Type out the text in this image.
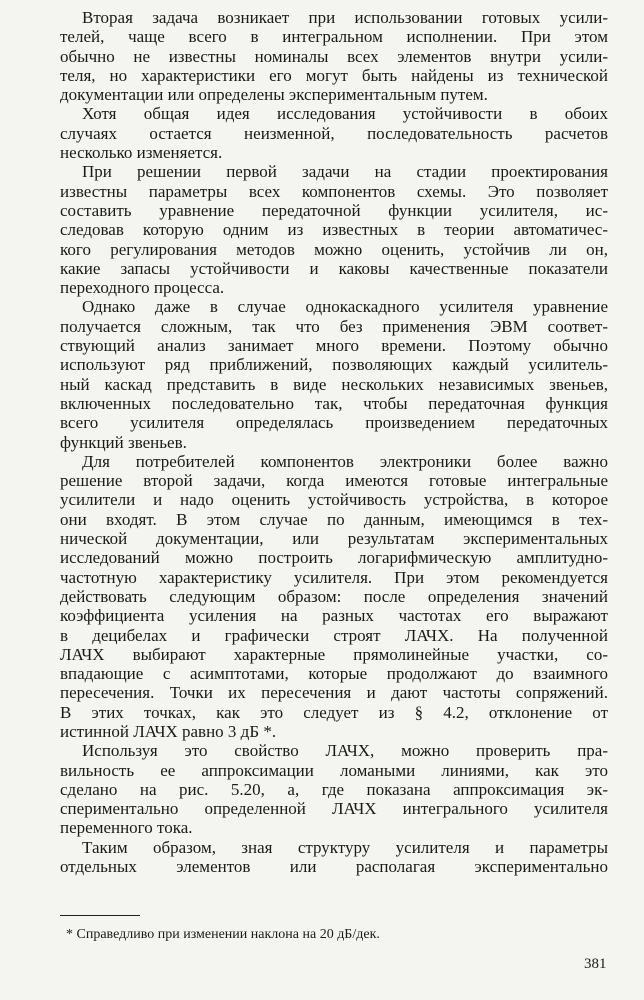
Вторая задача возникает при использовании готовых усили-
телей, чаще всего в интегральном исполнении. При этом
обычно не известны номиналы всех элементов внутри усили-
теля, но характеристики его могут быть найдены из технической
документации или определены экспериментальным путем.
Хотя общая идея исследования устойчивости в обоих
случаях остается неизменной, последовательность расчетов
несколько изменяется.
При решении первой задачи на стадии проектирования
известны параметры всех компонентов схемы. Это позволяет
составить уравнение передаточной функции усилителя, ис-
следовав которую одним из известных в теории автоматичес-
кого регулирования методов можно оценить, устойчив ли он,
какие запасы устойчивости и каковы качественные показатели
переходного процесса.
Однако даже в случае однокаскадного усилителя уравнение
получается сложным, так что без применения ЭВМ соответ-
ствующий анализ занимает много времени. Поэтому обычно
используют ряд приближений, позволяющих каждый усилитель-
ный каскад представить в виде нескольких независимых звеньев,
включенных последовательно так, чтобы передаточная функция
всего усилителя определялась произведением передаточных
функций звеньев.
Для потребителей компонентов электроники более важно
решение второй задачи, когда имеются готовые интегральные
усилители и надо оценить устойчивость устройства, в которое
они входят. В этом случае по данным, имеющимся в тех-
нической документации, или результатам экспериментальных
исследований можно построить логарифмическую амплитудно-
частотную характеристику усилителя. При этом рекомендуется
действовать следующим образом: после определения значений
коэффициента усиления на разных частотах его выражают
в децибелах и графически строят ЛАЧХ. На полученной
ЛАЧХ выбирают характерные прямолинейные участки, со-
впадающие с асимптотами, которые продолжают до взаимного
пересечения. Точки их пересечения и дают частоты сопряжений.
В этих точках, как это следует из § 4.2, отклонение от
истинной ЛАЧХ равно 3 дБ *.
Используя это свойство ЛАЧХ, можно проверить пра-
вильность ее аппроксимации ломаными линиями, как это
сделано на рис. 5.20, а, где показана аппроксимация эк-
спериментально определенной ЛАЧХ интегрального усилителя
переменного тока.
Таким образом, зная структуру усилителя и параметры
отдельных элементов или располагая экспериментально
* Справедливо при изменении наклона на 20 дБ/дек.
381
